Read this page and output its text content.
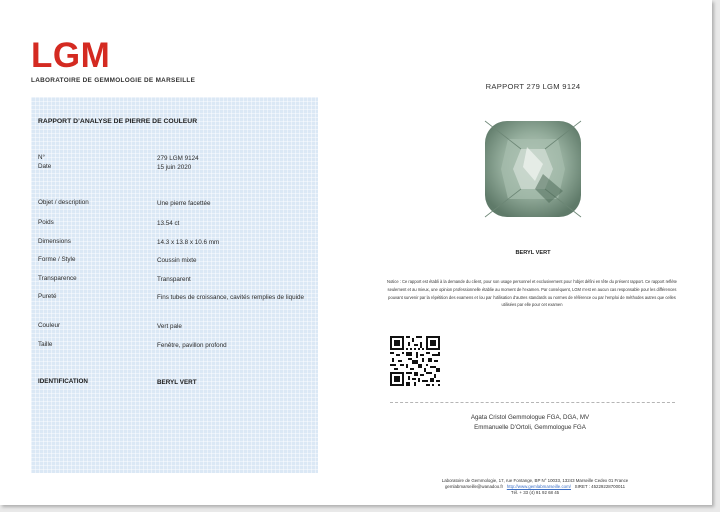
LGM
LABORATOIRE DE GEMMOLOGIE DE MARSEILLE
RAPPORT D’ANALYSE DE PIERRE DE COULEUR
N°	279 LGM 9124
Date	15 juin 2020
Objet / description	Une pierre facettée
Poids	13.54 ct
Dimensions	14.3 x 13.8 x 10.6 mm
Forme / Style	Coussin mixte
Transparence	Transparent
Pureté	Fins tubes de croissance, cavités remplies de liquide
Couleur	Vert pale
Taille	Fenêtre, pavillon profond
IDENTIFICATION	BERYL VERT
RAPPORT 279 LGM 9124
BERYL VERT
Notice : Ce rapport est établi à la demande du client, pour son usage personnel et exclusivement pour l’objet défini en tête du présent rapport. Ce rapport reflète seulement et au mieux, une opinion professionnelle établie au moment de l’examen. Par conséquent, LGM n’est en aucun cas responsable pour les différences pouvant survenir par la répétition des examens et /ou par l’utilisation d’autres standards ou normes de référence ou par l’emploi de méthodes autres que celles utilisées par elle pour cet examen
Agata Cristol Gemmologue FGA, DGA, MV
Emmanuelle D’Ortoli, Gemmologue FGA
Laboratoire de Gemmologie, 17, rue Fontange, BP N° 10033, 13243 Marseille Cedex 01 France
gemlabmarseille@wanadoo.fr http://www.gemlabmarseille.com/ SIRET : 45229228700011
Tél. + 33 (4) 91 92 68 45
